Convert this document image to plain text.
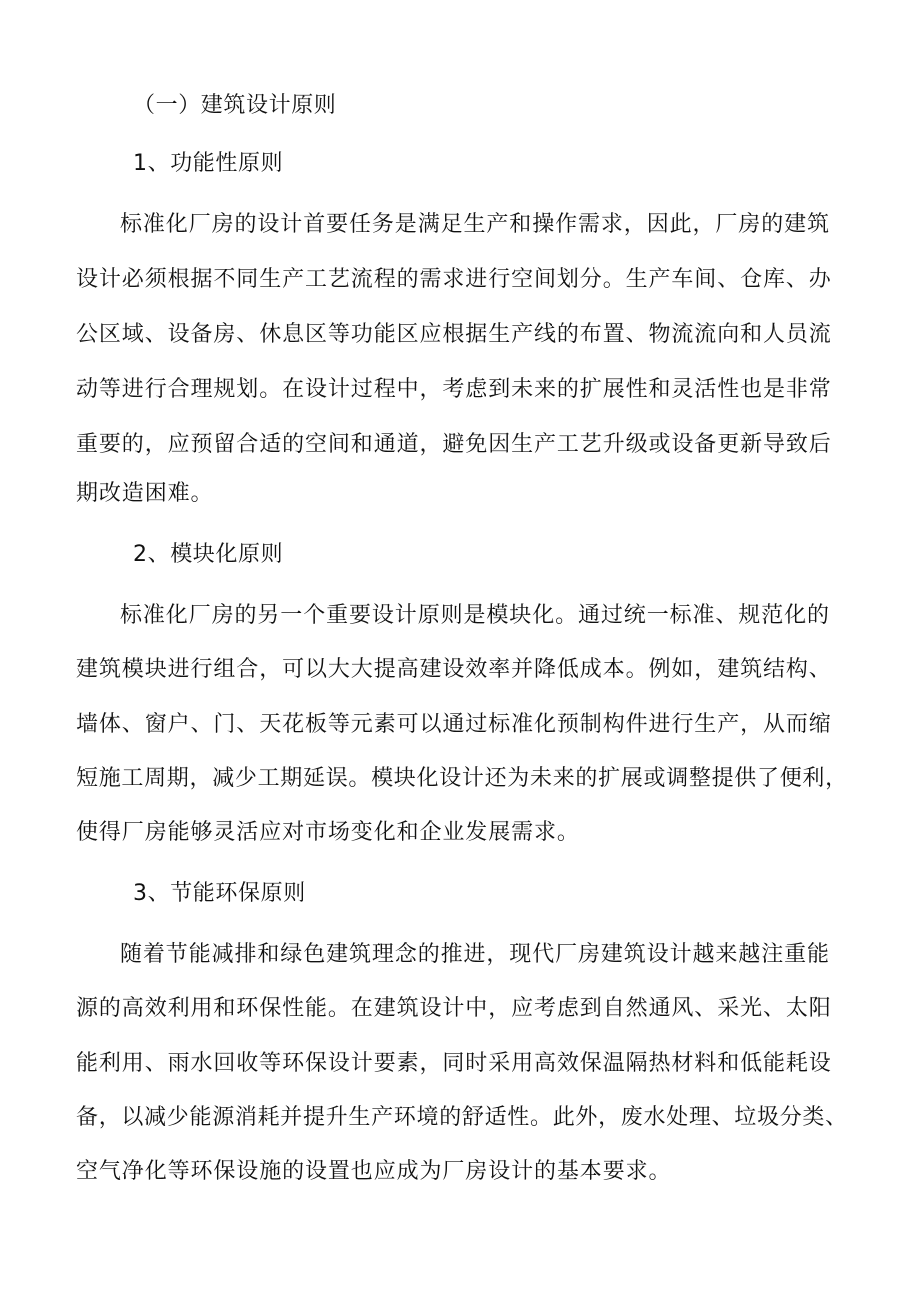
（一）建筑设计原则
1、功能性原则
标准化厂房的设计首要任务是满足生产和操作需求，因此，厂房的建筑
设计必须根据不同生产工艺流程的需求进行空间划分。生产车间、仓库、办
公区域、设备房、休息区等功能区应根据生产线的布置、物流流向和人员流
动等进行合理规划。在设计过程中，考虑到未来的扩展性和灵活性也是非常
重要的，应预留合适的空间和通道，避免因生产工艺升级或设备更新导致后
期改造困难。
2、模块化原则
标准化厂房的另一个重要设计原则是模块化。通过统一标准、规范化的
建筑模块进行组合，可以大大提高建设效率并降低成本。例如，建筑结构、
墙体、窗户、门、天花板等元素可以通过标准化预制构件进行生产，从而缩
短施工周期，减少工期延误。模块化设计还为未来的扩展或调整提供了便利，
使得厂房能够灵活应对市场变化和企业发展需求。
3、节能环保原则
随着节能减排和绿色建筑理念的推进，现代厂房建筑设计越来越注重能
源的高效利用和环保性能。在建筑设计中，应考虑到自然通风、采光、太阳
能利用、雨水回收等环保设计要素，同时采用高效保温隔热材料和低能耗设
备，以减少能源消耗并提升生产环境的舒适性。此外，废水处理、垃圾分类、
空气净化等环保设施的设置也应成为厂房设计的基本要求。
